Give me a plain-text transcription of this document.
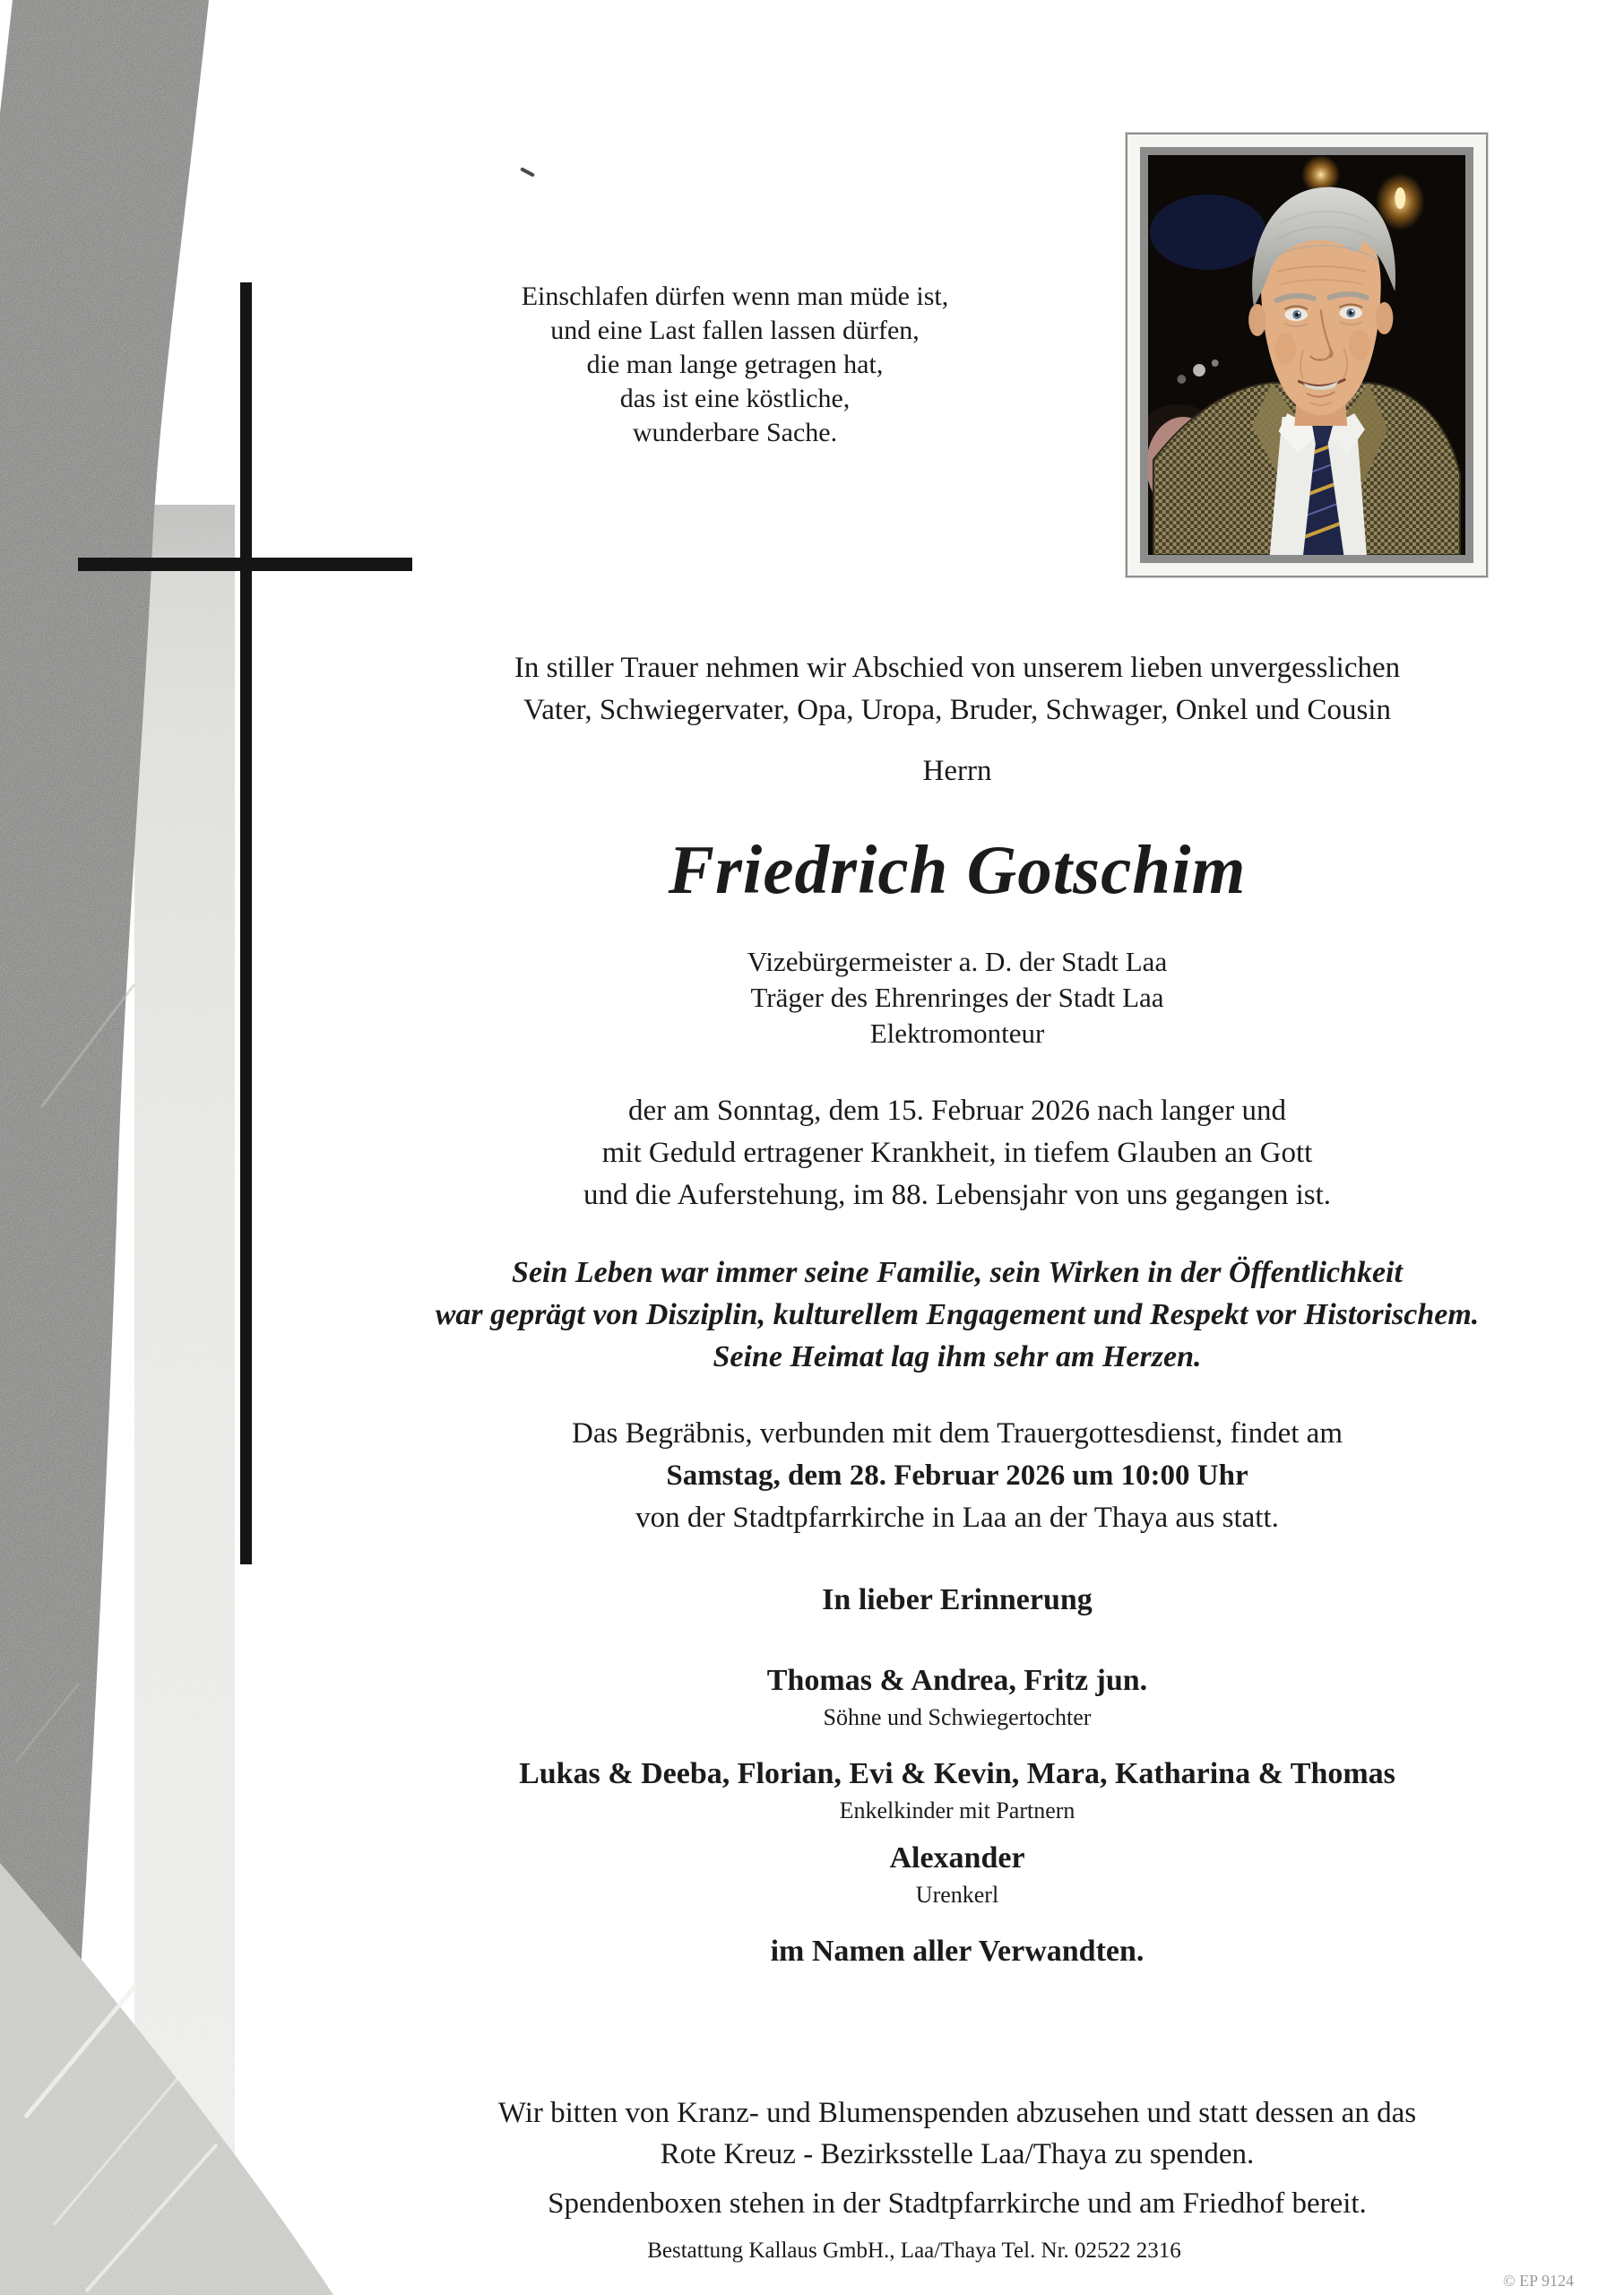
Einschlafen dürfen wenn man müde ist,
und eine Last fallen lassen dürfen,
die man lange getragen hat,
das ist eine köstliche,
wunderbare Sache.
In stiller Trauer nehmen wir Abschied von unserem lieben unvergesslichen
Vater, Schwiegervater, Opa, Uropa, Bruder, Schwager, Onkel und Cousin
Herrn
Friedrich Gotschim
Vizebürgermeister a. D. der Stadt Laa
Träger des Ehrenringes der Stadt Laa
Elektromonteur
der am Sonntag, dem 15. Februar 2026 nach langer und
mit Geduld ertragener Krankheit, in tiefem Glauben an Gott
und die Auferstehung, im 88. Lebensjahr von uns gegangen ist.
Sein Leben war immer seine Familie, sein Wirken in der Öffentlichkeit
war geprägt von Disziplin, kulturellem Engagement und Respekt vor Historischem.
Seine Heimat lag ihm sehr am Herzen.
Das Begräbnis, verbunden mit dem Trauergottesdienst, findet am
Samstag, dem 28. Februar 2026 um 10:00 Uhr
von der Stadtpfarrkirche in Laa an der Thaya aus statt.
In lieber Erinnerung
Thomas & Andrea, Fritz jun.
Söhne und Schwiegertochter
Lukas & Deeba, Florian, Evi & Kevin, Mara, Katharina & Thomas
Enkelkinder mit Partnern
Alexander
Urenkerl
im Namen aller Verwandten.
Wir bitten von Kranz- und Blumenspenden abzusehen und statt dessen an das
Rote Kreuz - Bezirksstelle Laa/Thaya zu spenden.
Spendenboxen stehen in der Stadtpfarrkirche und am Friedhof bereit.
Bestattung Kallaus GmbH., Laa/Thaya Tel. Nr. 02522 2316
© EP 9124
